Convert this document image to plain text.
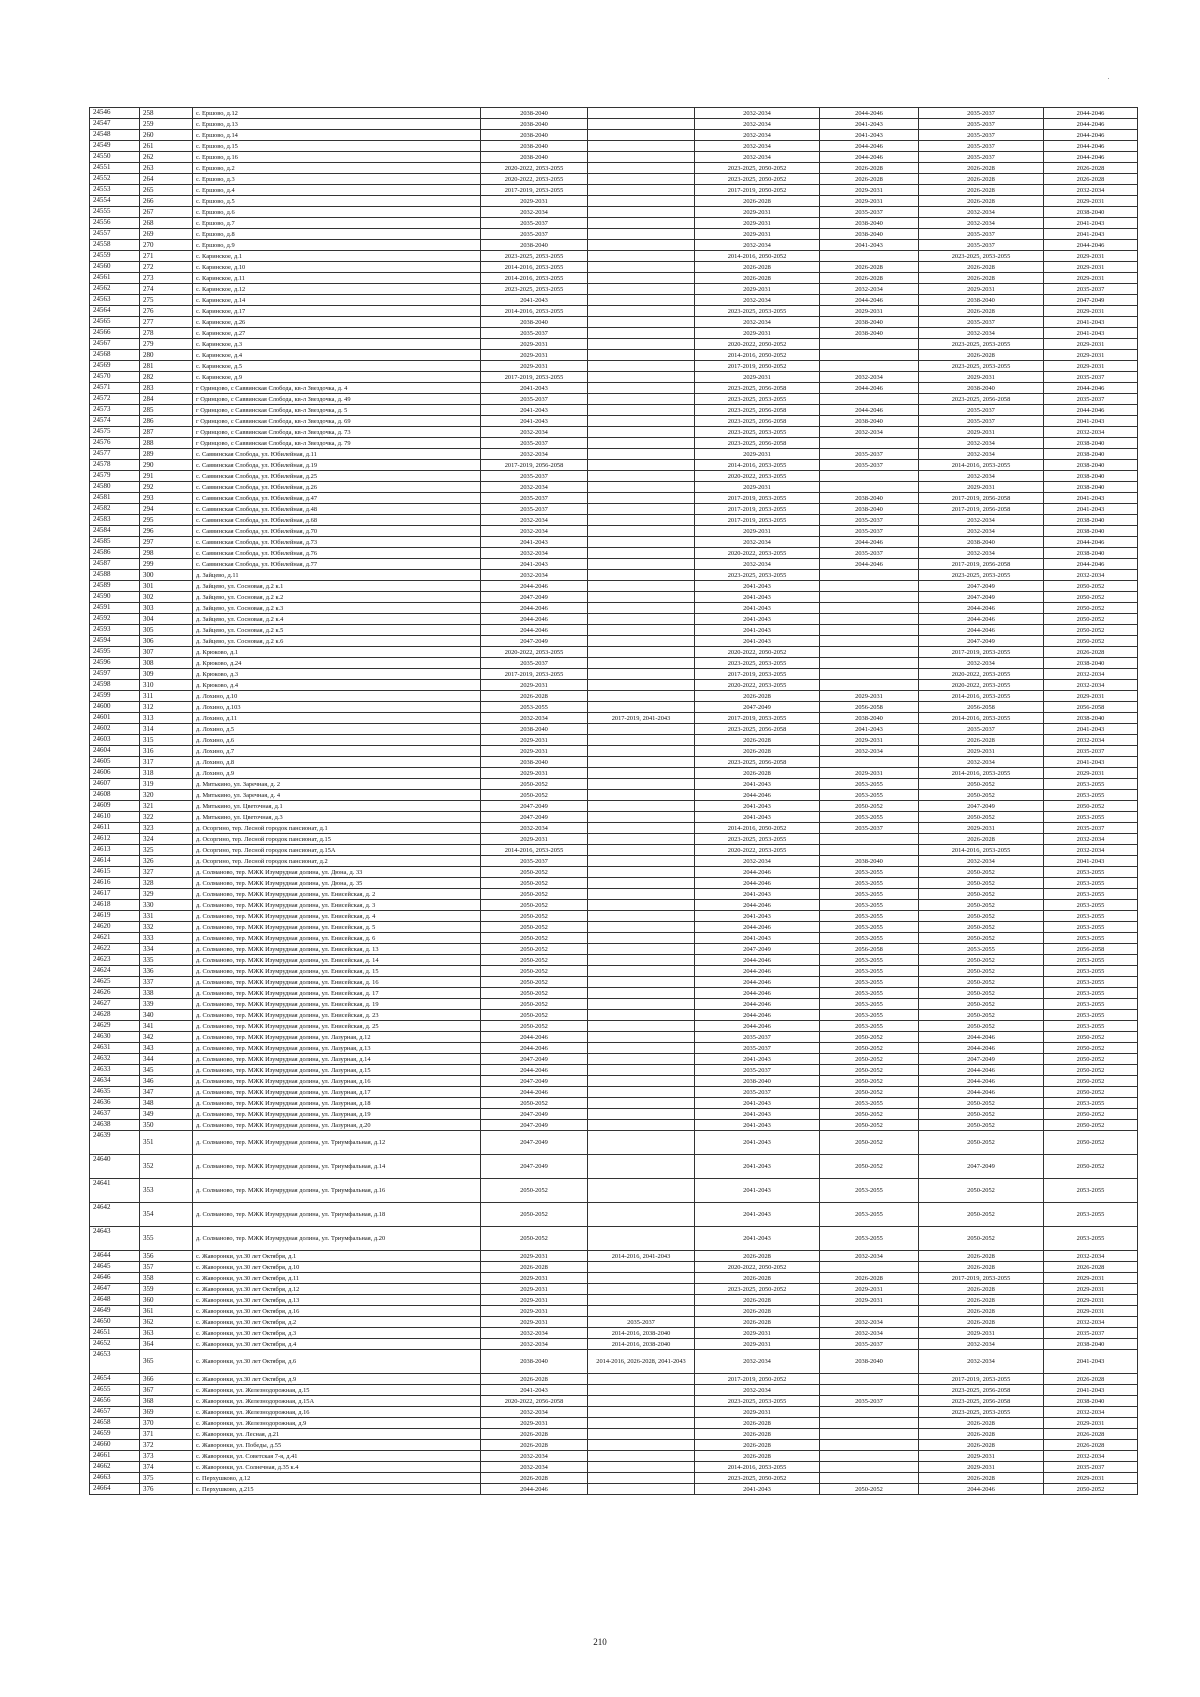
24546	258	с. Ершово, д.12	2038-2040		2032-2034	2044-2046	2035-2037	2044-2046
24547	259	с. Ершово, д.13	2038-2040		2032-2034	2041-2043	2035-2037	2044-2046
24548	260	с. Ершово, д.14	2038-2040		2032-2034	2041-2043	2035-2037	2044-2046
24549	261	с. Ершово, д.15	2038-2040		2032-2034	2044-2046	2035-2037	2044-2046
24550	262	с. Ершово, д.16	2038-2040		2032-2034	2044-2046	2035-2037	2044-2046
24551	263	с. Ершово, д.2	2020-2022, 2053-2055		2023-2025, 2050-2052	2026-2028	2026-2028	2026-2028
24552	264	с. Ершово, д.3	2020-2022, 2053-2055		2023-2025, 2050-2052	2026-2028	2026-2028	2026-2028
24553	265	с. Ершово, д.4	2017-2019, 2053-2055		2017-2019, 2050-2052	2029-2031	2026-2028	2032-2034
24554	266	с. Ершово, д.5	2029-2031		2026-2028	2029-2031	2026-2028	2029-2031
24555	267	с. Ершово, д.6	2032-2034		2029-2031	2035-2037	2032-2034	2038-2040
24556	268	с. Ершово, д.7	2035-2037		2029-2031	2038-2040	2032-2034	2041-2043
24557	269	с. Ершово, д.8	2035-2037		2029-2031	2038-2040	2035-2037	2041-2043
24558	270	с. Ершово, д.9	2038-2040		2032-2034	2041-2043	2035-2037	2044-2046
24559	271	с. Каринское, д.1	2023-2025, 2053-2055		2014-2016, 2050-2052		2023-2025, 2053-2055	2029-2031
24560	272	с. Каринское, д.10	2014-2016, 2053-2055		2026-2028	2026-2028	2026-2028	2029-2031
24561	273	с. Каринское, д.11	2014-2016, 2053-2055		2026-2028	2026-2028	2026-2028	2029-2031
24562	274	с. Каринское, д.12	2023-2025, 2053-2055		2029-2031	2032-2034	2029-2031	2035-2037
24563	275	с. Каринское, д.14	2041-2043		2032-2034	2044-2046	2038-2040	2047-2049
24564	276	с. Каринское, д.17	2014-2016, 2053-2055		2023-2025, 2053-2055	2029-2031	2026-2028	2029-2031
24565	277	с. Каринское, д.26	2038-2040		2032-2034	2038-2040	2035-2037	2041-2043
24566	278	с. Каринское, д.27	2035-2037		2029-2031	2038-2040	2032-2034	2041-2043
24567	279	с. Каринское, д.3	2029-2031		2020-2022, 2050-2052		2023-2025, 2053-2055	2029-2031
24568	280	с. Каринское, д.4	2029-2031		2014-2016, 2050-2052		2026-2028	2029-2031
24569	281	с. Каринское, д.5	2029-2031		2017-2019, 2050-2052		2023-2025, 2053-2055	2029-2031
24570	282	с. Каринское, д.9	2017-2019, 2053-2055		2029-2031	2032-2034	2029-2031	2035-2037
24571	283	г Одинцово, с Саввинская Слобода, кв-л Звездочка, д. 4	2041-2043		2023-2025, 2056-2058	2044-2046	2038-2040	2044-2046
24572	284	г Одинцово, с Саввинская Слобода, кв-л Звездочка, д. 49	2035-2037		2023-2025, 2053-2055		2023-2025, 2056-2058	2035-2037
24573	285	г Одинцово, с Саввинская Слобода, кв-л Звездочка, д. 5	2041-2043		2023-2025, 2056-2058	2044-2046	2035-2037	2044-2046
24574	286	г Одинцово, с Саввинская Слобода, кв-л Звездочка, д. 69	2041-2043		2023-2025, 2056-2058	2038-2040	2035-2037	2041-2043
24575	287	г Одинцово, с Саввинская Слобода, кв-л Звездочка, д. 73	2032-2034		2023-2025, 2053-2055	2032-2034	2029-2031	2032-2034
24576	288	г Одинцово, с Саввинская Слобода, кв-л Звездочка, д. 79	2035-2037		2023-2025, 2056-2058		2032-2034	2038-2040
24577	289	с. Саввинская Слобода, ул. Юбилейная, д.11	2032-2034		2029-2031	2035-2037	2032-2034	2038-2040
24578	290	с. Саввинская Слобода, ул. Юбилейная, д.19	2017-2019, 2056-2058		2014-2016, 2053-2055	2035-2037	2014-2016, 2053-2055	2038-2040
24579	291	с. Саввинская Слобода, ул. Юбилейная, д.25	2035-2037		2020-2022, 2053-2055		2032-2034	2038-2040
24580	292	с. Саввинская Слобода, ул. Юбилейная, д.26	2032-2034		2029-2031		2029-2031	2038-2040
24581	293	с. Саввинская Слобода, ул. Юбилейная, д.47	2035-2037		2017-2019, 2053-2055	2038-2040	2017-2019, 2056-2058	2041-2043
24582	294	с. Саввинская Слобода, ул. Юбилейная, д.48	2035-2037		2017-2019, 2053-2055	2038-2040	2017-2019, 2056-2058	2041-2043
24583	295	с. Саввинская Слобода, ул. Юбилейная, д.68	2032-2034		2017-2019, 2053-2055	2035-2037	2032-2034	2038-2040
24584	296	с. Саввинская Слобода, ул. Юбилейная, д.70	2032-2034		2029-2031	2035-2037	2032-2034	2038-2040
24585	297	с. Саввинская Слобода, ул. Юбилейная, д.73	2041-2043		2032-2034	2044-2046	2038-2040	2044-2046
24586	298	с. Саввинская Слобода, ул. Юбилейная, д.76	2032-2034		2020-2022, 2053-2055	2035-2037	2032-2034	2038-2040
24587	299	с. Саввинская Слобода, ул. Юбилейная, д.77	2041-2043		2032-2034	2044-2046	2017-2019, 2056-2058	2044-2046
24588	300	д. Зайцево, д.11	2032-2034		2023-2025, 2053-2055		2023-2025, 2053-2055	2032-2034
24589	301	д. Зайцево, ул. Сосновая, д.2 к.1	2044-2046		2041-2043		2047-2049	2050-2052
24590	302	д. Зайцево, ул. Сосновая, д.2 к.2	2047-2049		2041-2043		2047-2049	2050-2052
24591	303	д. Зайцево, ул. Сосновая, д.2 к.3	2044-2046		2041-2043		2044-2046	2050-2052
24592	304	д. Зайцево, ул. Сосновая, д.2 к.4	2044-2046		2041-2043		2044-2046	2050-2052
24593	305	д. Зайцево, ул. Сосновая, д.2 к.5	2044-2046		2041-2043		2044-2046	2050-2052
24594	306	д. Зайцево, ул. Сосновая, д.2 к.6	2047-2049		2041-2043		2047-2049	2050-2052
24595	307	д. Крюково, д.1	2020-2022, 2053-2055		2020-2022, 2050-2052		2017-2019, 2053-2055	2026-2028
24596	308	д. Крюково, д.24	2035-2037		2023-2025, 2053-2055		2032-2034	2038-2040
24597	309	д. Крюково, д.3	2017-2019, 2053-2055		2017-2019, 2053-2055		2020-2022, 2053-2055	2032-2034
24598	310	д. Крюково, д.4	2029-2031		2020-2022, 2053-2055		2020-2022, 2053-2055	2032-2034
24599	311	д. Лохино, д.10	2026-2028		2026-2028	2029-2031	2014-2016, 2053-2055	2029-2031
24600	312	д. Лохино, д.103	2053-2055		2047-2049	2056-2058	2056-2058	2056-2058
24601	313	д. Лохино, д.11	2032-2034	2017-2019, 2041-2043	2017-2019, 2053-2055	2038-2040	2014-2016, 2053-2055	2038-2040
24602	314	д. Лохино, д.5	2038-2040		2023-2025, 2056-2058	2041-2043	2035-2037	2041-2043
24603	315	д. Лохино, д.6	2029-2031		2026-2028	2029-2031	2026-2028	2032-2034
24604	316	д. Лохино, д.7	2029-2031		2026-2028	2032-2034	2029-2031	2035-2037
24605	317	д. Лохино, д.8	2038-2040		2023-2025, 2056-2058		2032-2034	2041-2043
24606	318	д. Лохино, д.9	2029-2031		2026-2028	2029-2031	2014-2016, 2053-2055	2029-2031
24607	319	д. Митькино, ул. Заречная, д. 2	2050-2052		2041-2043	2053-2055	2050-2052	2053-2055
24608	320	д. Митькино, ул. Заречная, д. 4	2050-2052		2044-2046	2053-2055	2050-2052	2053-2055
24609	321	д. Митькино, ул. Цветочная, д.1	2047-2049		2041-2043	2050-2052	2047-2049	2050-2052
24610	322	д. Митькино, ул. Цветочная, д.3	2047-2049		2041-2043	2053-2055	2050-2052	2053-2055
24611	323	д. Осоргино, тер. Лесной городок пансионат, д.1	2032-2034		2014-2016, 2050-2052	2035-2037	2029-2031	2035-2037
24612	324	д. Осоргино, тер. Лесной городок пансионат, д.15	2029-2031		2023-2025, 2053-2055		2026-2028	2032-2034
24613	325	д. Осоргино, тер. Лесной городок пансионат, д.15А	2014-2016, 2053-2055		2020-2022, 2053-2055		2014-2016, 2053-2055	2032-2034
24614	326	д. Осоргино, тер. Лесной городок пансионат, д.2	2035-2037		2032-2034	2038-2040	2032-2034	2041-2043
24615	327	д. Солманово, тер. МЖК Изумрудная долина, ул. Дюна, д. 33	2050-2052		2044-2046	2053-2055	2050-2052	2053-2055
24616	328	д. Солманово, тер. МЖК Изумрудная долина, ул. Дюна, д. 35	2050-2052		2044-2046	2053-2055	2050-2052	2053-2055
24617	329	д. Солманово, тер. МЖК Изумрудная долина, ул. Енисейская, д. 2	2050-2052		2041-2043	2053-2055	2050-2052	2053-2055
24618	330	д. Солманово, тер. МЖК Изумрудная долина, ул. Енисейская, д. 3	2050-2052		2044-2046	2053-2055	2050-2052	2053-2055
24619	331	д. Солманово, тер. МЖК Изумрудная долина, ул. Енисейская, д. 4	2050-2052		2041-2043	2053-2055	2050-2052	2053-2055
24620	332	д. Солманово, тер. МЖК Изумрудная долина, ул. Енисейская, д. 5	2050-2052		2044-2046	2053-2055	2050-2052	2053-2055
24621	333	д. Солманово, тер. МЖК Изумрудная долина, ул. Енисейская, д. 6	2050-2052		2041-2043	2053-2055	2050-2052	2053-2055
24622	334	д. Солманово, тер. МЖК Изумрудная долина, ул. Енисейская, д. 13	2050-2052		2047-2049	2056-2058	2053-2055	2056-2058
24623	335	д. Солманово, тер. МЖК Изумрудная долина, ул. Енисейская, д. 14	2050-2052		2044-2046	2053-2055	2050-2052	2053-2055
24624	336	д. Солманово, тер. МЖК Изумрудная долина, ул. Енисейская, д. 15	2050-2052		2044-2046	2053-2055	2050-2052	2053-2055
24625	337	д. Солманово, тер. МЖК Изумрудная долина, ул. Енисейская, д. 16	2050-2052		2044-2046	2053-2055	2050-2052	2053-2055
24626	338	д. Солманово, тер. МЖК Изумрудная долина, ул. Енисейская, д. 17	2050-2052		2044-2046	2053-2055	2050-2052	2053-2055
24627	339	д. Солманово, тер. МЖК Изумрудная долина, ул. Енисейская, д. 19	2050-2052		2044-2046	2053-2055	2050-2052	2053-2055
24628	340	д. Солманово, тер. МЖК Изумрудная долина, ул. Енисейская, д. 23	2050-2052		2044-2046	2053-2055	2050-2052	2053-2055
24629	341	д. Солманово, тер. МЖК Изумрудная долина, ул. Енисейская, д. 25	2050-2052		2044-2046	2053-2055	2050-2052	2053-2055
24630	342	д. Солманово, тер. МЖК Изумрудная долина, ул. Лазурная, д.12	2044-2046		2035-2037	2050-2052	2044-2046	2050-2052
24631	343	д. Солманово, тер. МЖК Изумрудная долина, ул. Лазурная, д.13	2044-2046		2035-2037	2050-2052	2044-2046	2050-2052
24632	344	д. Солманово, тер. МЖК Изумрудная долина, ул. Лазурная, д.14	2047-2049		2041-2043	2050-2052	2047-2049	2050-2052
24633	345	д. Солманово, тер. МЖК Изумрудная долина, ул. Лазурная, д.15	2044-2046		2035-2037	2050-2052	2044-2046	2050-2052
24634	346	д. Солманово, тер. МЖК Изумрудная долина, ул. Лазурная, д.16	2047-2049		2038-2040	2050-2052	2044-2046	2050-2052
24635	347	д. Солманово, тер. МЖК Изумрудная долина, ул. Лазурная, д.17	2044-2046		2035-2037	2050-2052	2044-2046	2050-2052
24636	348	д. Солманово, тер. МЖК Изумрудная долина, ул. Лазурная, д.18	2050-2052		2041-2043	2053-2055	2050-2052	2053-2055
24637	349	д. Солманово, тер. МЖК Изумрудная долина, ул. Лазурная, д.19	2047-2049		2041-2043	2050-2052	2050-2052	2050-2052
24638	350	д. Солманово, тер. МЖК Изумрудная долина, ул. Лазурная, д.20	2047-2049		2041-2043	2050-2052	2050-2052	2050-2052
24639	351	д. Солманово, тер. МЖК Изумрудная долина, ул. Триумфальная, д.12	2047-2049		2041-2043	2050-2052	2050-2052	2050-2052
24640	352	д. Солманово, тер. МЖК Изумрудная долина, ул. Триумфальная, д.14	2047-2049		2041-2043	2050-2052	2047-2049	2050-2052
24641	353	д. Солманово, тер. МЖК Изумрудная долина, ул. Триумфальная, д.16	2050-2052		2041-2043	2053-2055	2050-2052	2053-2055
24642	354	д. Солманово, тер. МЖК Изумрудная долина, ул. Триумфальная, д.18	2050-2052		2041-2043	2053-2055	2050-2052	2053-2055
24643	355	д. Солманово, тер. МЖК Изумрудная долина, ул. Триумфальная, д.20	2050-2052		2041-2043	2053-2055	2050-2052	2053-2055
24644	356	с. Жаворонки, ул.30 лет Октября, д.1	2029-2031	2014-2016, 2041-2043	2026-2028	2032-2034	2026-2028	2032-2034
24645	357	с. Жаворонки, ул.30 лет Октября, д.10	2026-2028		2020-2022, 2050-2052		2026-2028	2026-2028
24646	358	с. Жаворонки, ул.30 лет Октября, д.11	2029-2031		2026-2028	2026-2028	2017-2019, 2053-2055	2029-2031
24647	359	с. Жаворонки, ул.30 лет Октября, д.12	2029-2031		2023-2025, 2050-2052	2029-2031	2026-2028	2029-2031
24648	360	с. Жаворонки, ул.30 лет Октября, д.13	2029-2031		2026-2028	2029-2031	2026-2028	2029-2031
24649	361	с. Жаворонки, ул.30 лет Октября, д.16	2029-2031		2026-2028		2026-2028	2029-2031
24650	362	с. Жаворонки, ул.30 лет Октября, д.2	2029-2031	2035-2037	2026-2028	2032-2034	2026-2028	2032-2034
24651	363	с. Жаворонки, ул.30 лет Октября, д.3	2032-2034	2014-2016, 2038-2040	2029-2031	2032-2034	2029-2031	2035-2037
24652	364	с. Жаворонки, ул.30 лет Октября, д.4	2032-2034	2014-2016, 2038-2040	2029-2031	2035-2037	2032-2034	2038-2040
24653	365	с. Жаворонки, ул.30 лет Октября, д.6	2038-2040	2014-2016, 2026-2028, 2041-2043	2032-2034	2038-2040	2032-2034	2041-2043
24654	366	с. Жаворонки, ул.30 лет Октября, д.9	2026-2028		2017-2019, 2050-2052		2017-2019, 2053-2055	2026-2028
24655	367	с. Жаворонки, ул. Железнодорожная, д.15	2041-2043		2032-2034		2023-2025, 2056-2058	2041-2043
24656	368	с. Жаворонки, ул. Железнодорожная, д.15А	2020-2022, 2056-2058		2023-2025, 2053-2055	2035-2037	2023-2025, 2056-2058	2038-2040
24657	369	с. Жаворонки, ул. Железнодорожная, д.16	2032-2034		2029-2031		2023-2025, 2053-2055	2032-2034
24658	370	с. Жаворонки, ул. Железнодорожная, д.9	2029-2031		2026-2028		2026-2028	2029-2031
24659	371	с. Жаворонки, ул. Лесная, д.21	2026-2028		2026-2028		2026-2028	2026-2028
24660	372	с. Жаворонки, ул. Победы, д.55	2026-2028		2026-2028		2026-2028	2026-2028
24661	373	с. Жаворонки, ул. Советская 7-я, д.41	2032-2034		2026-2028		2029-2031	2032-2034
24662	374	с. Жаворонки, ул. Солнечная, д.35 к.4	2032-2034		2014-2016, 2053-2055		2029-2031	2035-2037
24663	375	с. Перхушково, д.12	2026-2028		2023-2025, 2050-2052		2026-2028	2029-2031
24664	376	с. Перхушково, д.215	2044-2046		2041-2043	2050-2052	2044-2046	2050-2052
210
